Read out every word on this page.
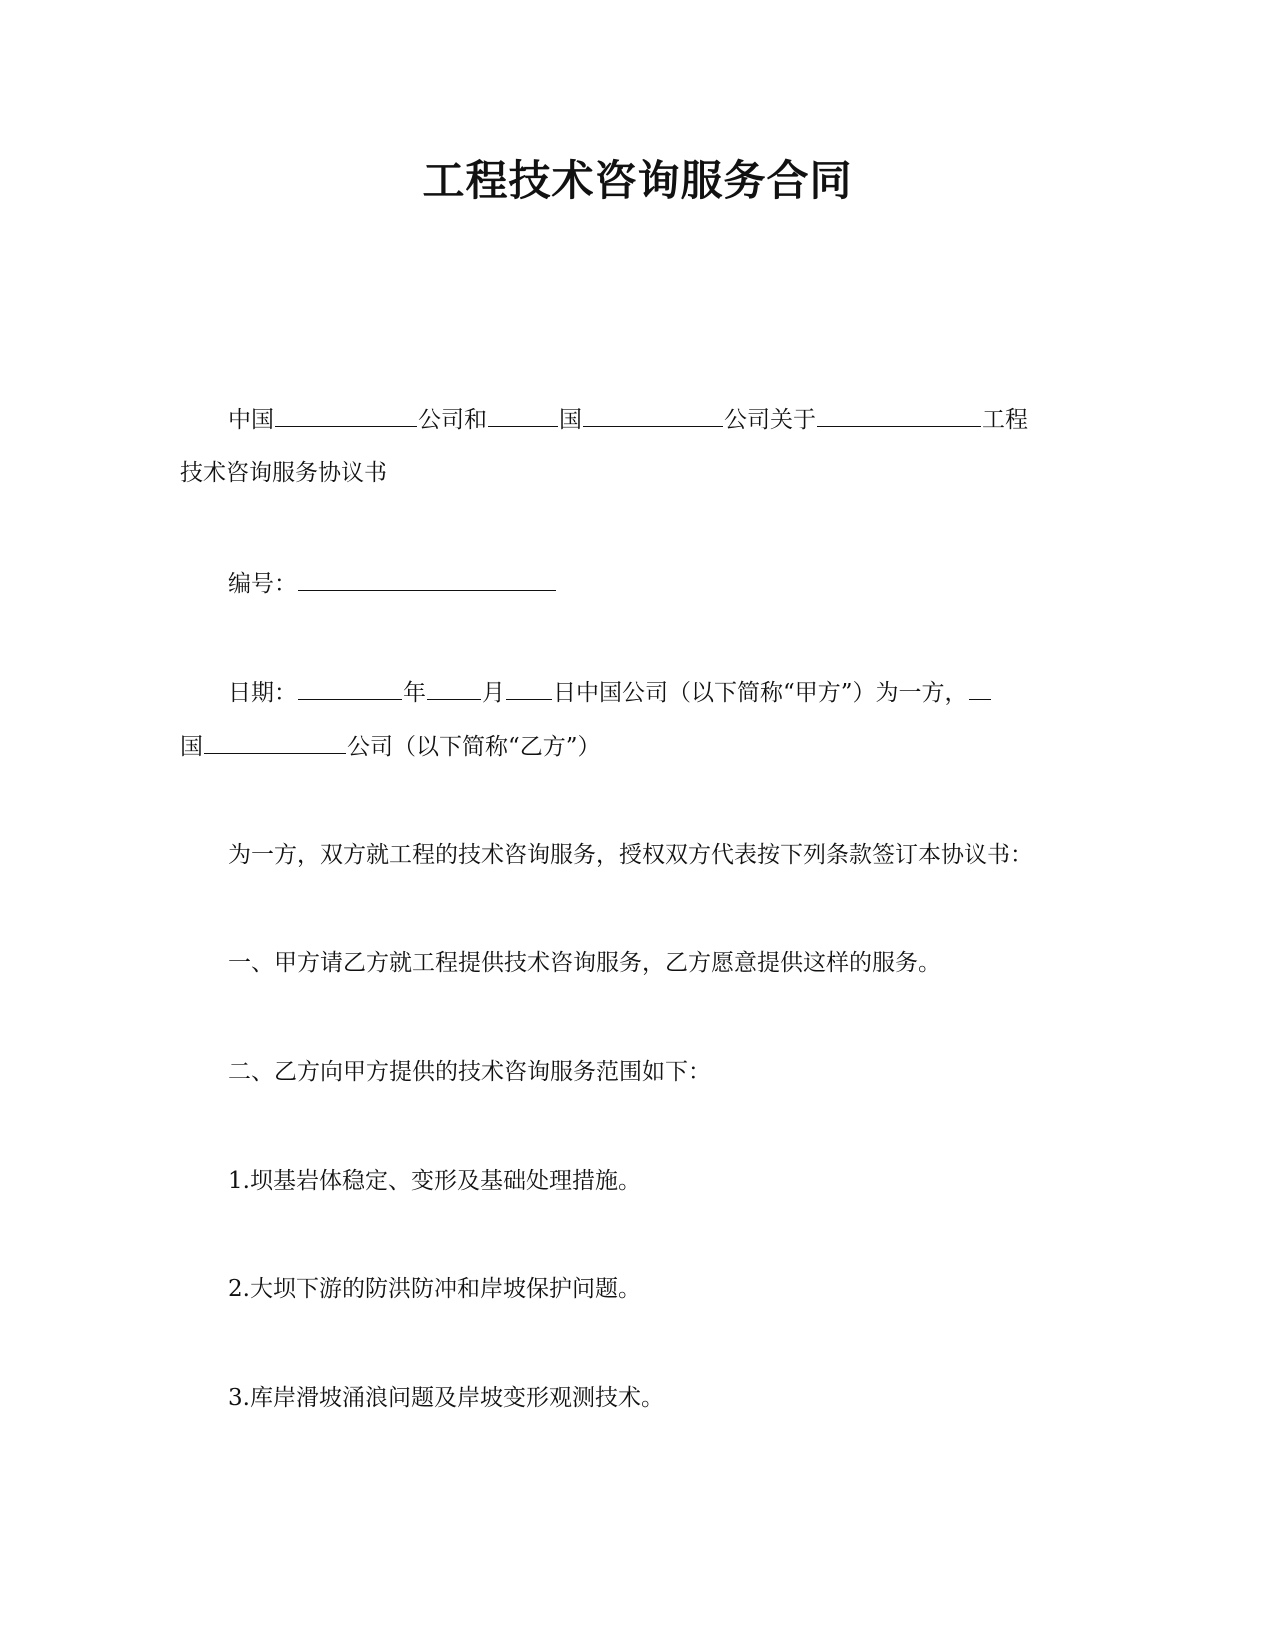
工程技术咨询服务合同
中国	公司和	国	公司关于	工程
技术咨询服务协议书
编号：
日期：	年 月 日中国公司（以下简称“甲方”）为一方，
国	公司（以下简称“乙方”）
为一方，双方就工程的技术咨询服务，授权双方代表按下列条款签订本协议书：
一、甲方请乙方就工程提供技术咨询服务，乙方愿意提供这样的服务。
二、乙方向甲方提供的技术咨询服务范围如下：
1.坝基岩体稳定、变形及基础处理措施。
2.大坝下游的防洪防冲和岸坡保护问题。
3.库岸滑坡涌浪问题及岸坡变形观测技术。
